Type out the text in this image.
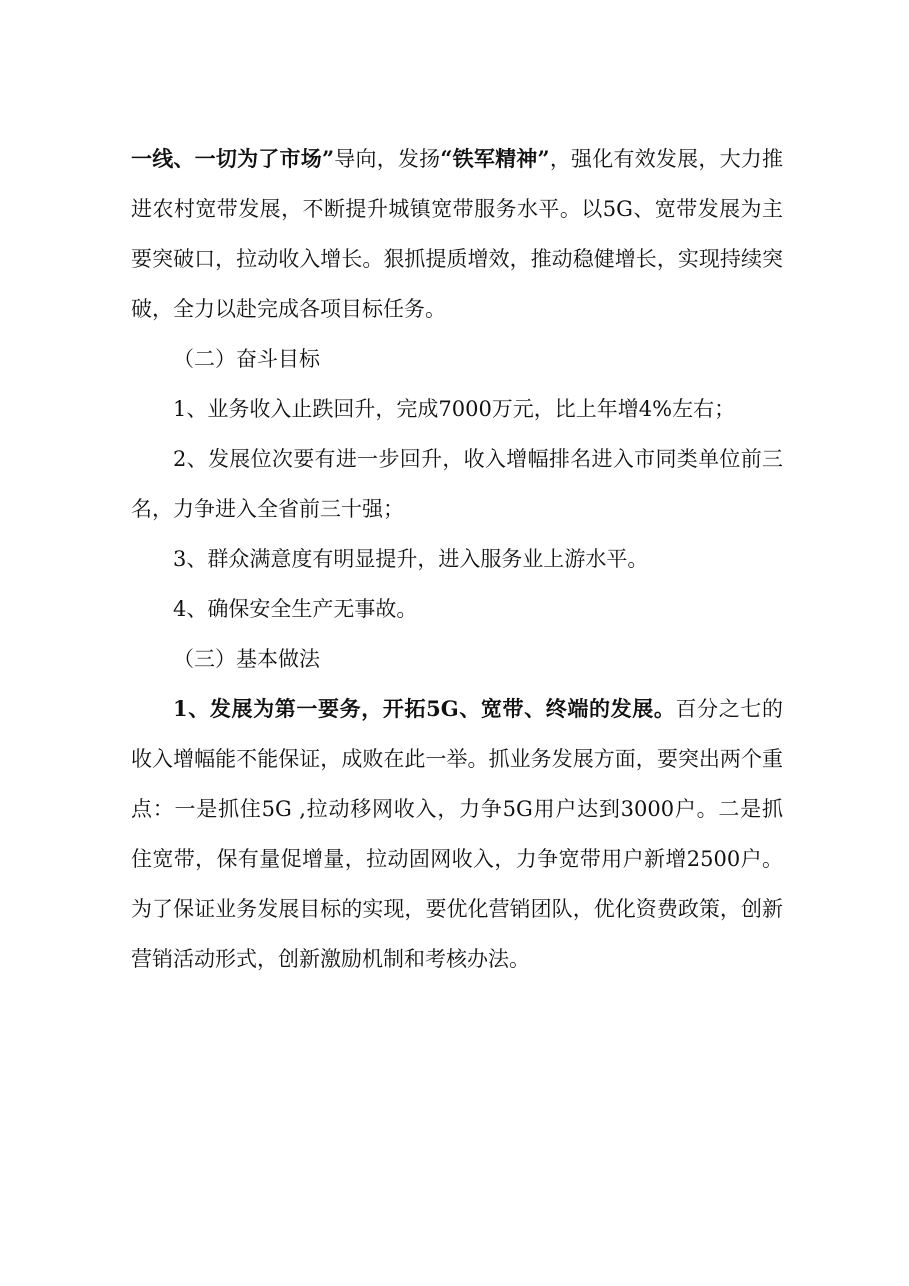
一线、一切为了市场”导向，发扬“铁军精神”，强化有效发展，大力推进农村宽带发展，不断提升城镇宽带服务水平。以5G、宽带发展为主要突破口，拉动收入增长。狠抓提质增效，推动稳健增长，实现持续突破，全力以赴完成各项目标任务。

（二）奋斗目标

1、业务收入止跌回升，完成7000万元，比上年增4%左右；

2、发展位次要有进一步回升，收入增幅排名进入市同类单位前三名，力争进入全省前三十强；

3、群众满意度有明显提升，进入服务业上游水平。

4、确保安全生产无事故。

（三）基本做法

1、发展为第一要务，开拓5G、宽带、终端的发展。百分之七的收入增幅能不能保证，成败在此一举。抓业务发展方面，要突出两个重点：一是抓住5G ,拉动移网收入，力争5G用户达到3000户。二是抓住宽带，保有量促增量，拉动固网收入，力争宽带用户新增2500户。为了保证业务发展目标的实现，要优化营销团队，优化资费政策，创新营销活动形式，创新激励机制和考核办法。
